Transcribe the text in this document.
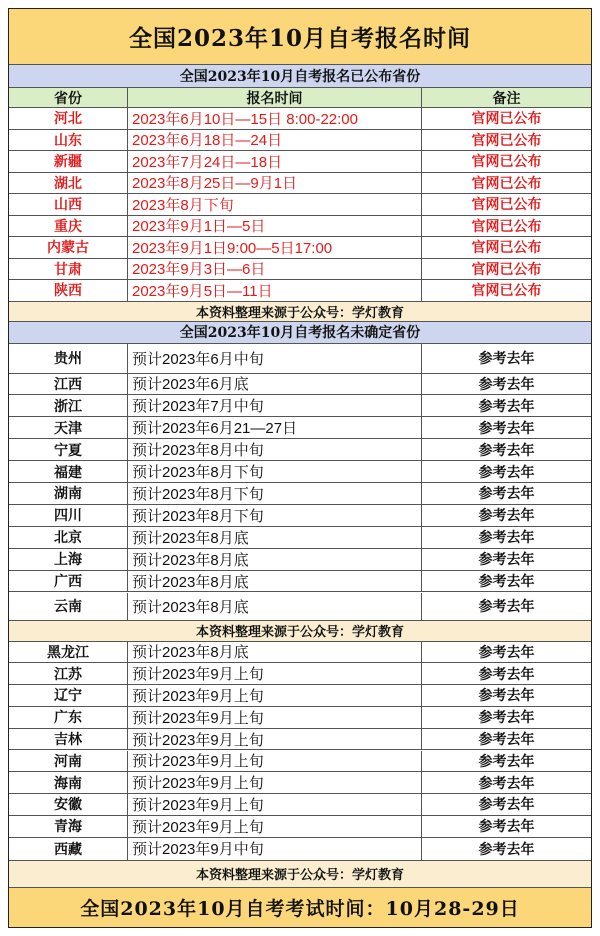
全国2023年10月自考报名时间
全国2023年10月自考报名已公布省份
省份	报名时间	备注
河北	2023年6月10日—15日 8:00-22:00	官网已公布
山东	2023年6月18日—24日	官网已公布
新疆	2023年7月24日—18日	官网已公布
湖北	2023年8月25日—9月1日	官网已公布
山西	2023年8月下旬	官网已公布
重庆	2023年9月1日—5日	官网已公布
内蒙古	2023年9月1日9:00—5日17:00	官网已公布
甘肃	2023年9月3日—6日	官网已公布
陕西	2023年9月5日—11日	官网已公布
本资料整理来源于公众号：学灯教育
全国2023年10月自考报名未确定省份
贵州	预计2023年6月中旬	参考去年
江西	预计2023年6月底	参考去年
浙江	预计2023年7月中旬	参考去年
天津	预计2023年6月21—27日	参考去年
宁夏	预计2023年8月中旬	参考去年
福建	预计2023年8月下旬	参考去年
湖南	预计2023年8月下旬	参考去年
四川	预计2023年8月下旬	参考去年
北京	预计2023年8月底	参考去年
上海	预计2023年8月底	参考去年
广西	预计2023年8月底	参考去年
云南	预计2023年8月底	参考去年
本资料整理来源于公众号：学灯教育
黑龙江	预计2023年8月底	参考去年
江苏	预计2023年9月上旬	参考去年
辽宁	预计2023年9月上旬	参考去年
广东	预计2023年9月上旬	参考去年
吉林	预计2023年9月上旬	参考去年
河南	预计2023年9月上旬	参考去年
海南	预计2023年9月上旬	参考去年
安徽	预计2023年9月上旬	参考去年
青海	预计2023年9月上旬	参考去年
西藏	预计2023年9月中旬	参考去年
本资料整理来源于公众号：学灯教育
全国2023年10月自考考试时间：10月28-29日
